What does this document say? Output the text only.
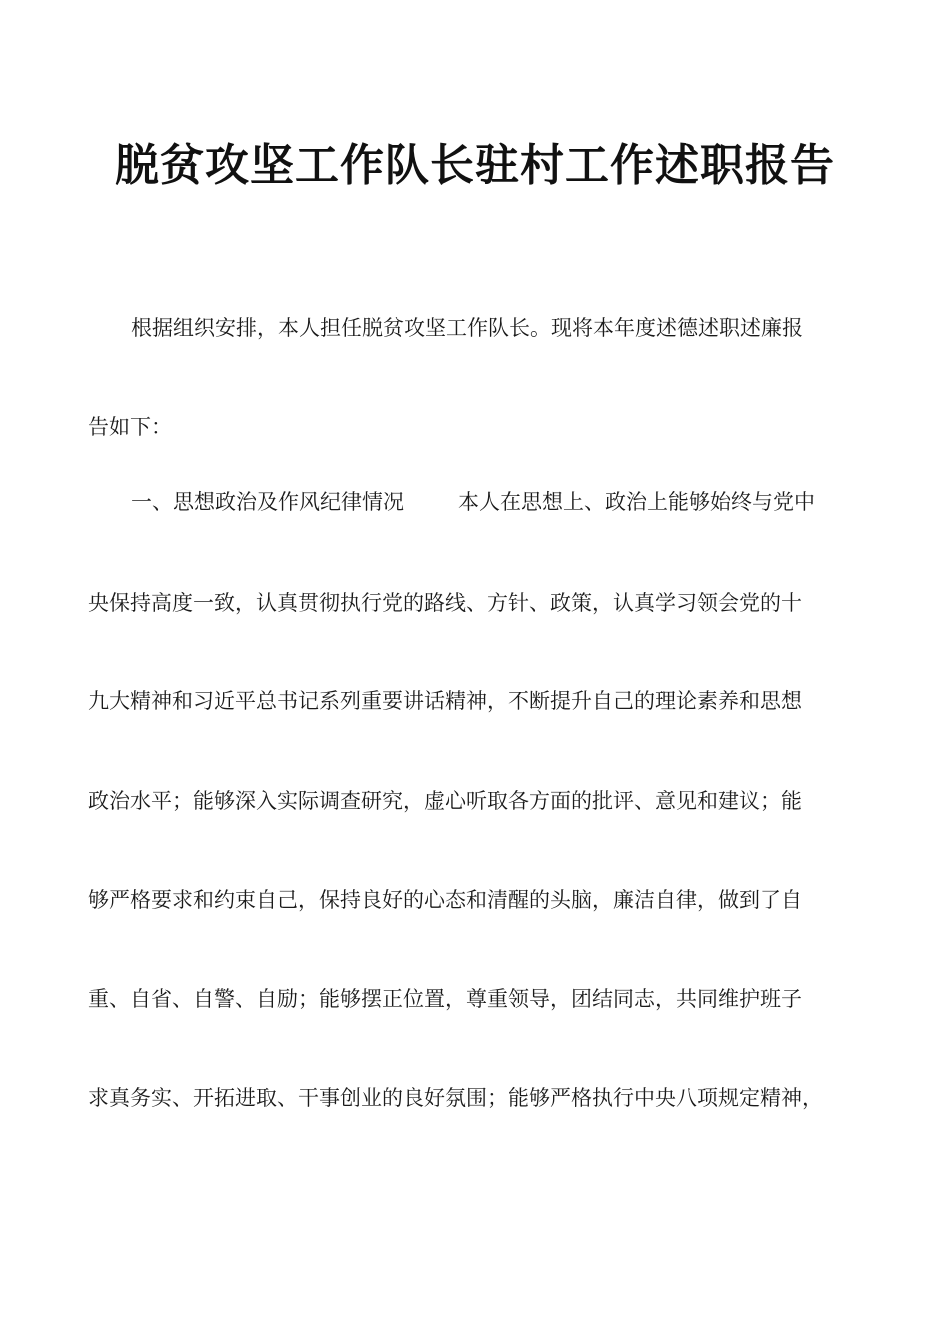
脱贫攻坚工作队长驻村工作述职报告

根据组织安排，本人担任脱贫攻坚工作队长。现将本年度述德述职述廉报

告如下：

一、思想政治及作风纪律情况	本人在思想上、政治上能够始终与党中

央保持高度一致，认真贯彻执行党的路线、方针、政策，认真学习领会党的十

九大精神和习近平总书记系列重要讲话精神，不断提升自己的理论素养和思想

政治水平；能够深入实际调查研究，虚心听取各方面的批评、意见和建议；能

够严格要求和约束自己，保持良好的心态和清醒的头脑，廉洁自律，做到了自

重、自省、自警、自励；能够摆正位置，尊重领导，团结同志，共同维护班子

求真务实、开拓进取、干事创业的良好氛围；能够严格执行中央八项规定精神，
